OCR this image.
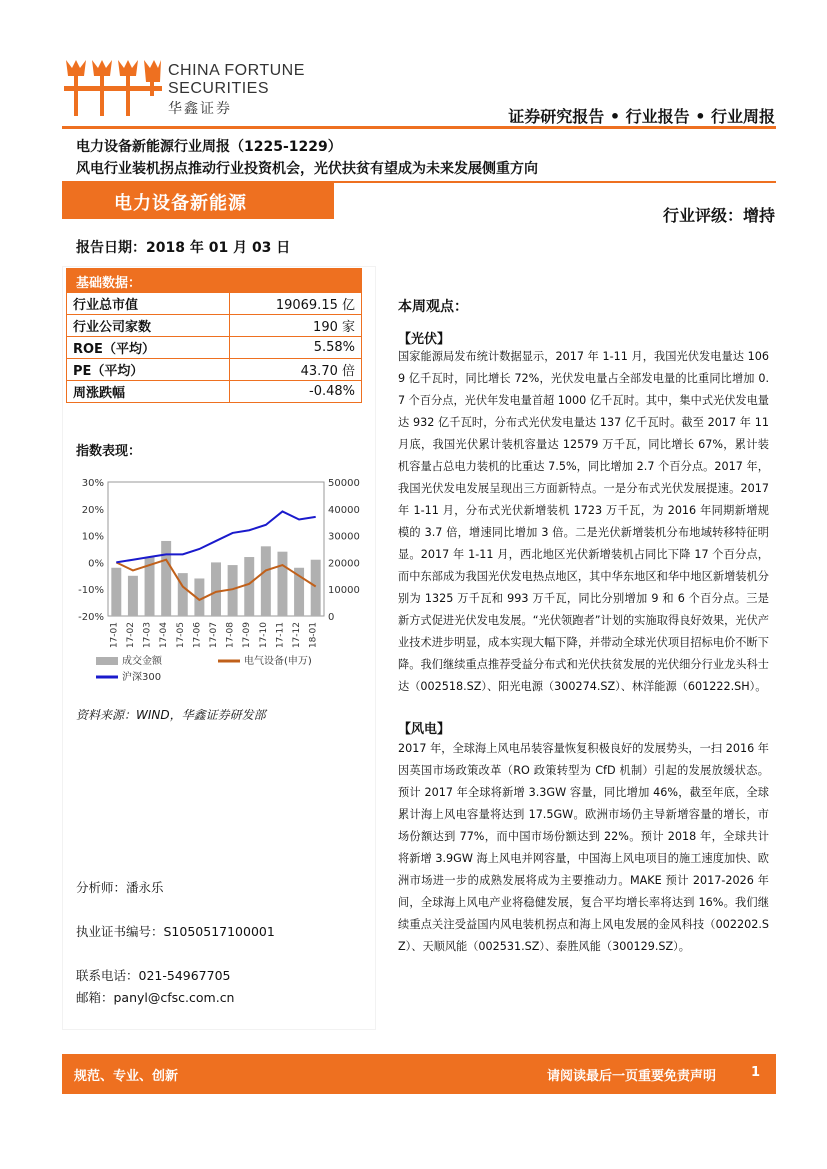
CHINA FORTUNE
SECURITIES
华鑫证券	证券研究报告 • 行业报告 • 行业周报
电力设备新能源行业周报（1225-1229）
风电行业装机拐点推动行业投资机会，光伏扶贫有望成为未来发展侧重方向
电力设备新能源
行业评级：增持
报告日期：2018 年 01 月 03 日
基础数据：
行业总市值	19069.15 亿
行业公司家数	190 家
ROE（平均）	5.58%
PE（平均）	43.70 倍
周涨跌幅	-0.48%
指数表现：
30%
20%
10%
0%
-10%
-20%
50000
40000
30000
20000
10000
0
17-01 17-02 17-03 17-04 17-05 17-06 17-07 17-08 17-09 17-10 17-11 17-12 18-01
成交金额	电气设备(申万)
沪深300
资料来源：WIND，华鑫证券研发部
分析师：潘永乐
执业证书编号：S1050517100001
联系电话：021-54967705
邮箱：panyl@cfsc.com.cn
本周观点：
【光伏】

国家能源局发布统计数据显示，2017 年 1-11 月，我国光伏发电量达 1069 亿千瓦时，同比增长 72%，光伏发电量占全部发电量的比重同比增加 0.7 个百分点，光伏年发电量首超 1000 亿千瓦时。其中，集中式光伏发电量达 932 亿千瓦时，分布式光伏发电量达 137 亿千瓦时。截至 2017 年 11 月底，我国光伏累计装机容量达 12579 万千瓦，同比增长 67%，累计装机容量占总电力装机的比重达 7.5%，同比增加 2.7 个百分点。2017 年，我国光伏发电发展呈现出三方面新特点。一是分布式光伏发展提速。2017 年 1-11 月，分布式光伏新增装机 1723 万千瓦，为 2016 年同期新增规模的 3.7 倍，增速同比增加 3 倍。二是光伏新增装机分布地域转移特征明显。2017 年 1-11 月，西北地区光伏新增装机占同比下降 17 个百分点，而中东部成为我国光伏发电热点地区，其中华东地区和华中地区新增装机分别为 1325 万千瓦和 993 万千瓦，同比分别增加 9 和 6 个百分点。三是新方式促进光伏发电发展。“光伏领跑者”计划的实施取得良好效果，光伏产业技术进步明显，成本实现大幅下降，并带动全球光伏项目招标电价不断下降。我们继续重点推荐受益分布式和光伏扶贫发展的光伏细分行业龙头科士达（002518.SZ）、阳光电源（300274.SZ）、林洋能源（601222.SH）。

【风电】

2017 年，全球海上风电吊装容量恢复积极良好的发展势头，一扫 2016 年因英国市场政策改革（RO 政策转型为 CfD 机制）引起的发展放缓状态。预计 2017 年全球将新增 3.3GW 容量，同比增加 46%，截至年底，全球累计海上风电容量将达到 17.5GW。欧洲市场仍主导新增容量的增长，市场份额达到 77%，而中国市场份额达到 22%。预计 2018 年，全球共计将新增 3.9GW 海上风电并网容量，中国海上风电项目的施工速度加快、欧洲市场进一步的成熟发展将成为主要推动力。MAKE 预计 2017-2026 年间，全球海上风电产业将稳健发展，复合平均增长率将达到 16%。我们继续重点关注受益国内风电装机拐点和海上风电发展的金风科技（002202.SZ）、天顺风能（002531.SZ）、泰胜风能（300129.SZ）。

规范、专业、创新	请阅读最后一页重要免责声明	1
